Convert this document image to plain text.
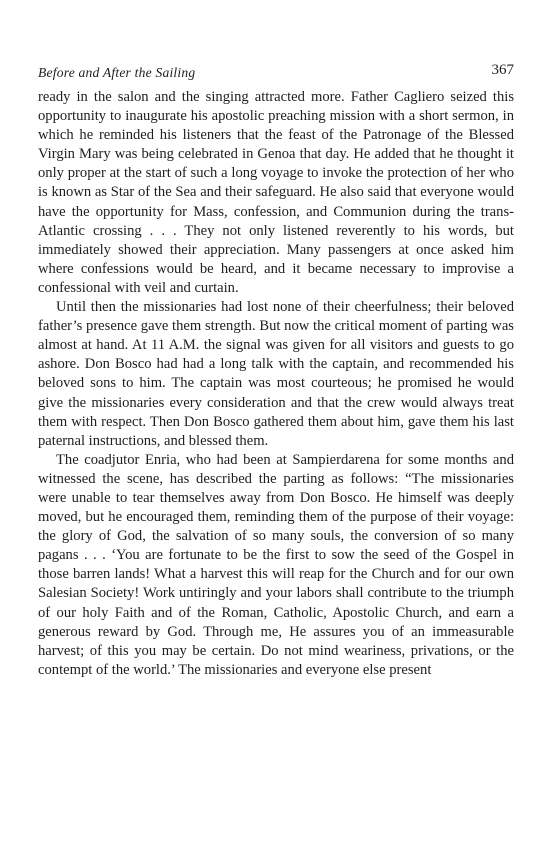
Before and After the Sailing	367

ready in the salon and the singing attracted more. Father Cagliero seized this opportunity to inaugurate his apostolic preaching mission with a short sermon, in which he reminded his listeners that the feast of the Patronage of the Blessed Virgin Mary was being celebrated in Genoa that day. He added that he thought it only proper at the start of such a long voyage to invoke the protection of her who is known as Star of the Sea and their safeguard. He also said that everyone would have the opportunity for Mass, confession, and Communion during the trans-Atlantic crossing . . . They not only listened reverently to his words, but immediately showed their appreciation. Many passengers at once asked him where confessions would be heard, and it became necessary to improvise a confessional with veil and curtain.

Until then the missionaries had lost none of their cheerfulness; their beloved father’s presence gave them strength. But now the critical moment of parting was almost at hand. At 11 A.M. the signal was given for all visitors and guests to go ashore. Don Bosco had had a long talk with the captain, and recommended his beloved sons to him. The captain was most courteous; he promised he would give the missionaries every consideration and that the crew would always treat them with respect. Then Don Bosco gathered them about him, gave them his last paternal instructions, and blessed them.

The coadjutor Enria, who had been at Sampierdarena for some months and witnessed the scene, has described the parting as follows: “The missionaries were unable to tear themselves away from Don Bosco. He himself was deeply moved, but he encouraged them, reminding them of the purpose of their voyage: the glory of God, the salvation of so many souls, the conversion of so many pagans . . . ‘You are fortunate to be the first to sow the seed of the Gospel in those barren lands! What a harvest this will reap for the Church and for our own Salesian Society! Work untiringly and your labors shall contribute to the triumph of our holy Faith and of the Roman, Catholic, Apostolic Church, and earn a generous reward by God. Through me, He assures you of an immeasurable harvest; of this you may be certain. Do not mind weariness, privations, or the contempt of the world.’ The missionaries and everyone else present
